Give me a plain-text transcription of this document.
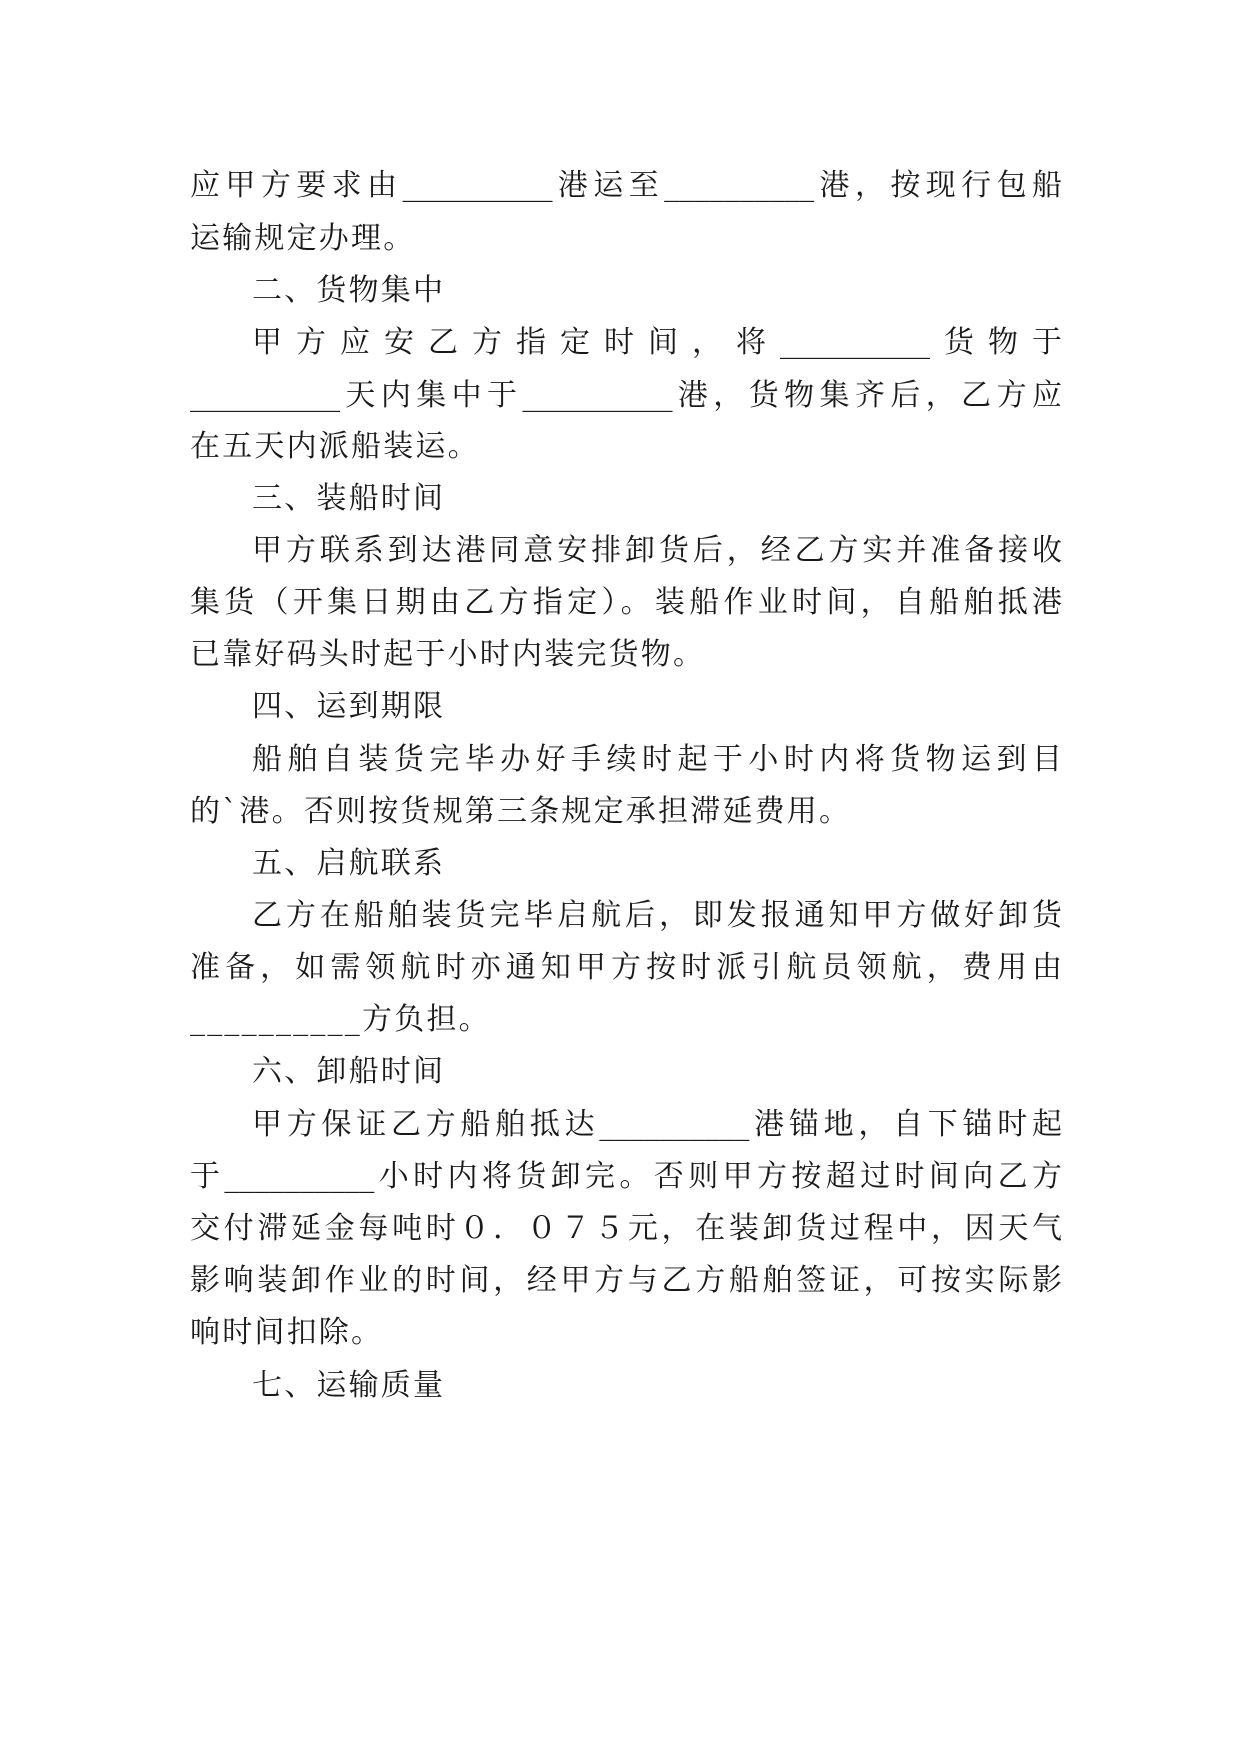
应甲方要求由__________港运至__________港，按现行包船
运输规定办理。
二、货物集中
甲方应安乙方指定时间，将__________货物于
__________天内集中于__________港，货物集齐后，乙方应
在五天内派船装运。
三、装船时间
甲方联系到达港同意安排卸货后，经乙方实并准备接收
集货（开集日期由乙方指定）。装船作业时间，自船舶抵港
已靠好码头时起于小时内装完货物。
四、运到期限
船舶自装货完毕办好手续时起于小时内将货物运到目
的`港。否则按货规第三条规定承担滞延费用。
五、启航联系
乙方在船舶装货完毕启航后，即发报通知甲方做好卸货
准备，如需领航时亦通知甲方按时派引航员领航，费用由
__________方负担。
六、卸船时间
甲方保证乙方船舶抵达__________港锚地，自下锚时起
于__________小时内将货卸完。否则甲方按超过时间向乙方
交付滞延金每吨时０．０７５元，在装卸货过程中，因天气
影响装卸作业的时间，经甲方与乙方船舶签证，可按实际影
响时间扣除。
七、运输质量
